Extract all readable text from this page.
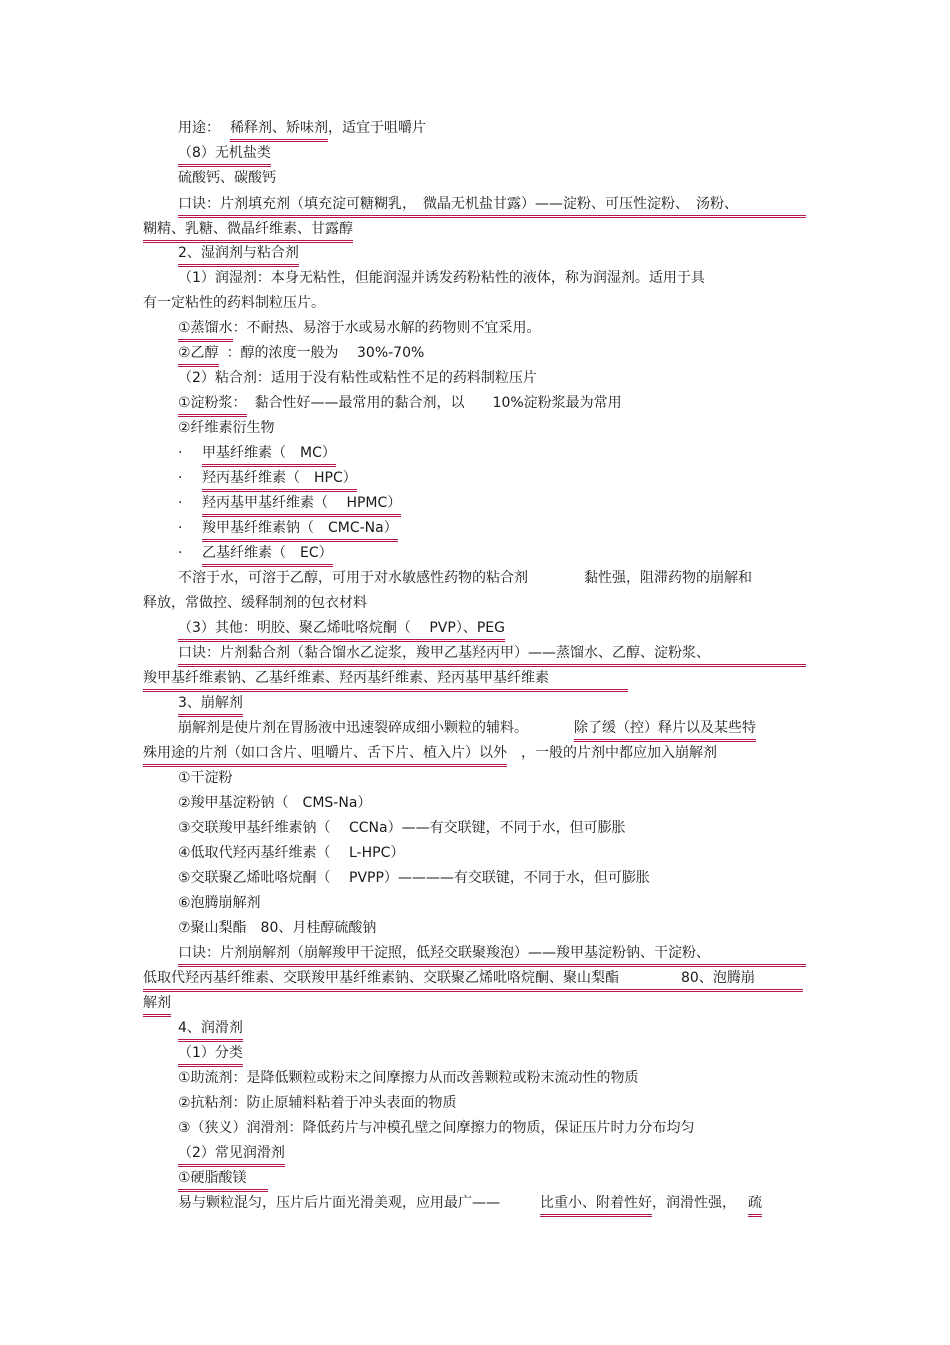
用途： 稀释剂、矫味剂，适宜于咀嚼片
（8）无机盐类
硫酸钙、碳酸钙
口诀：片剂填充剂（填充淀可糖糊乳，　微晶无机盐甘露）——淀粉、可压性淀粉、　汤粉、
糊精、乳糖、微晶纤维素、甘露醇
2、湿润剂与粘合剂
（1）润湿剂：本身无粘性，但能润湿并诱发药粉粘性的液体，称为润湿剂。适用于具
有一定粘性的药料制粒压片。
①蒸馏水：不耐热、易溶于水或易水解的药物则不宜采用。
②乙醇 ：醇的浓度一般为　 30%-70%
（2）粘合剂：适用于没有粘性或粘性不足的药料制粒压片
①淀粉浆： 黏合性好——最常用的黏合剂，以　　10%淀粉浆最为常用
②纤维素衍生物
· 甲基纤维素（　MC）
· 羟丙基纤维素（　HPC）
· 羟丙基甲基纤维素（　 HPMC）
· 羧甲基纤维素钠（　CMC-Na）
· 乙基纤维素（　EC）
不溶于水，可溶于乙醇，可用于对水敏感性药物的粘合剂	黏性强，阻滞药物的崩解和
释放，常做控、缓释制剂的包衣材料
（3）其他：明胶、聚乙烯吡咯烷酮（　 PVP）、PEG
口诀：片剂黏合剂（黏合馏水乙淀浆，羧甲乙基羟丙甲）——蒸馏水、乙醇、淀粉浆、
羧甲基纤维素钠、乙基纤维素、羟丙基纤维素、羟丙基甲基纤维素
3、崩解剂
崩解剂是使片剂在胃肠液中迅速裂碎成细小颗粒的辅料。	除了缓（控）释片以及某些特
殊用途的片剂（如口含片、咀嚼片、舌下片、植入片）以外 ，一般的片剂中都应加入崩解剂
①干淀粉
②羧甲基淀粉钠（　CMS-Na）
③交联羧甲基纤维素钠（　 CCNa）——有交联键，不同于水，但可膨胀
④低取代羟丙基纤维素（　 L-HPC）
⑤交联聚乙烯吡咯烷酮（　 PVPP）————有交联键，不同于水，但可膨胀
⑥泡腾崩解剂
⑦聚山梨酯　80、月桂醇硫酸钠
口诀：片剂崩解剂（崩解羧甲干淀照，低羟交联聚羧泡）——羧甲基淀粉钠、干淀粉、
低取代羟丙基纤维素、交联羧甲基纤维素钠、交联聚乙烯吡咯烷酮、聚山梨酯	80、泡腾崩
解剂
4、润滑剂
（1）分类
①助流剂：是降低颗粒或粉末之间摩擦力从而改善颗粒或粉末流动性的物质
②抗粘剂：防止原辅料粘着于冲头表面的物质
③（狭义）润滑剂：降低药片与冲模孔壁之间摩擦力的物质，保证压片时力分布均匀
（2）常见润滑剂
①硬脂酸镁
易与颗粒混匀，压片后片面光滑美观，应用最广——	比重小、附着性好，润滑性强， 疏
